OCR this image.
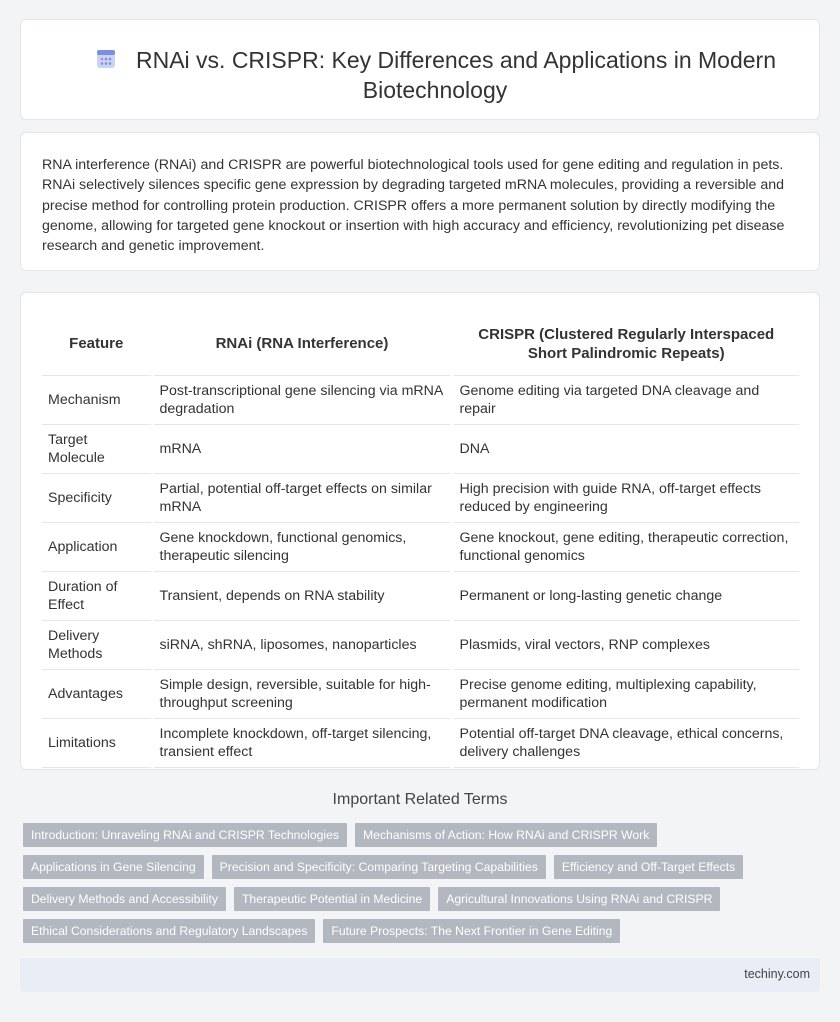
RNAi vs. CRISPR: Key Differences and Applications in Modern Biotechnology

RNA interference (RNAi) and CRISPR are powerful biotechnological tools used for gene editing and regulation in pets. RNAi selectively silences specific gene expression by degrading targeted mRNA molecules, providing a reversible and precise method for controlling protein production. CRISPR offers a more permanent solution by directly modifying the genome, allowing for targeted gene knockout or insertion with high accuracy and efficiency, revolutionizing pet disease research and genetic improvement.

Feature	RNAi (RNA Interference)	CRISPR (Clustered Regularly Interspaced Short Palindromic Repeats)
Mechanism	Post-transcriptional gene silencing via mRNA degradation	Genome editing via targeted DNA cleavage and repair
Target Molecule	mRNA	DNA
Specificity	Partial, potential off-target effects on similar mRNA	High precision with guide RNA, off-target effects reduced by engineering
Application	Gene knockdown, functional genomics, therapeutic silencing	Gene knockout, gene editing, therapeutic correction, functional genomics
Duration of Effect	Transient, depends on RNA stability	Permanent or long-lasting genetic change
Delivery Methods	siRNA, shRNA, liposomes, nanoparticles	Plasmids, viral vectors, RNP complexes
Advantages	Simple design, reversible, suitable for high-throughput screening	Precise genome editing, multiplexing capability, permanent modification
Limitations	Incomplete knockdown, off-target silencing, transient effect	Potential off-target DNA cleavage, ethical concerns, delivery challenges
Important Related Terms
Introduction: Unraveling RNAi and CRISPR Technologies	Mechanisms of Action: How RNAi and CRISPR Work
Applications in Gene Silencing	Precision and Specificity: Comparing Targeting Capabilities	Efficiency and Off-Target Effects
Delivery Methods and Accessibility	Therapeutic Potential in Medicine	Agricultural Innovations Using RNAi and CRISPR
Ethical Considerations and Regulatory Landscapes	Future Prospects: The Next Frontier in Gene Editing
techiny.com
